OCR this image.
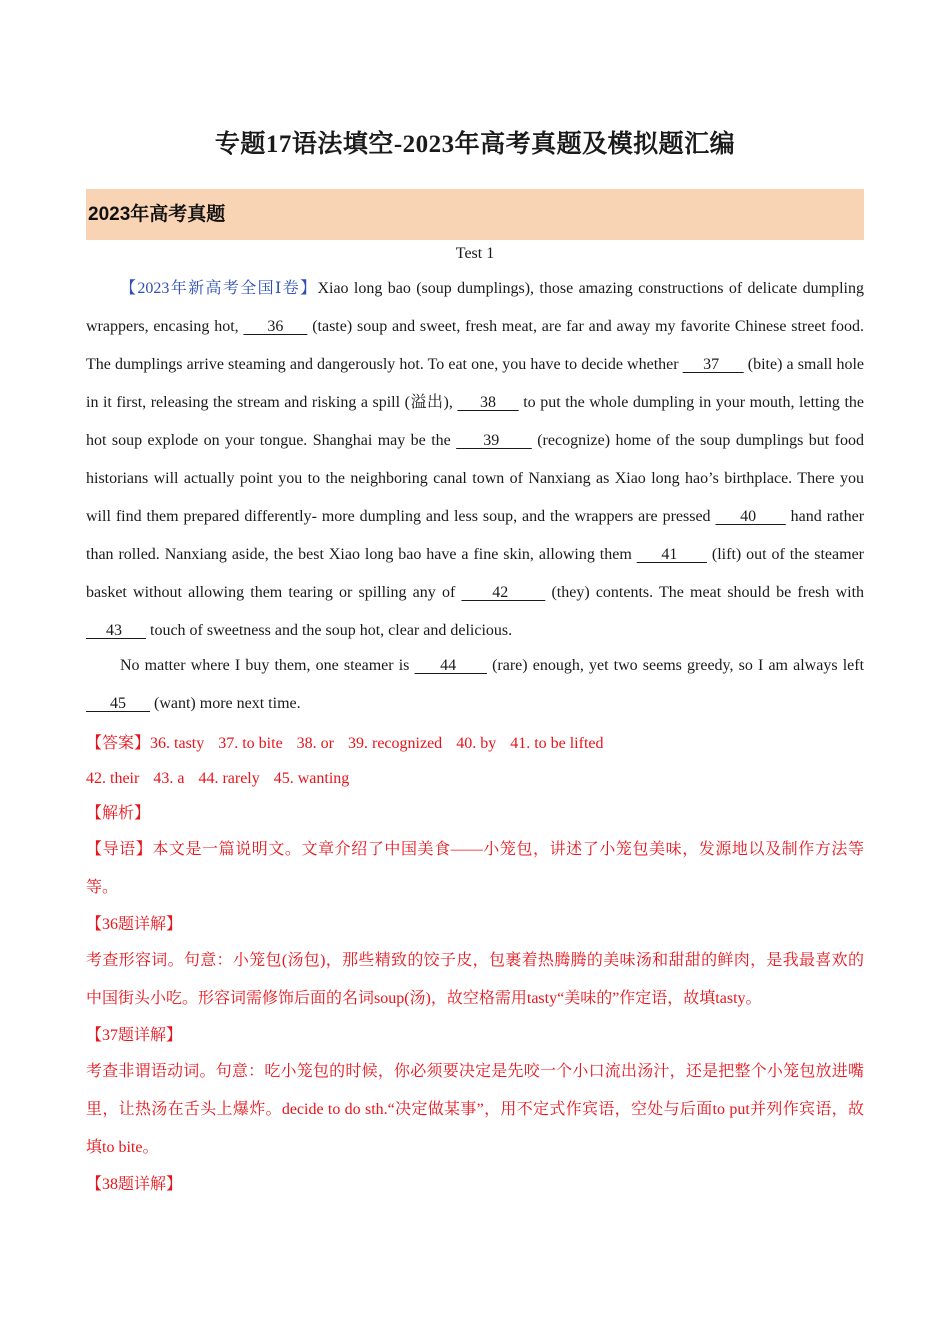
专题17语法填空-2023年高考真题及模拟题汇编
2023年高考真题
Test 1

【2023年新高考全国Ⅰ卷】Xiao long bao (soup dumplings), those amazing constructions of delicate dumpling wrappers, encasing hot,      36      (taste) soup and sweet, fresh meat, are far and away my favorite Chinese street food. The dumplings arrive steaming and dangerously hot. To eat one, you have to decide whether      37       (bite) a small hole in it first, releasing the stream and risking a spill (溢出),      38      to put the whole dumpling in your mouth, letting the hot soup explode on your tongue. Shanghai may be the      39       (recognize) home of the soup dumplings but food historians will actually point you to the neighboring canal town of Nanxiang as Xiao long hao’s birthplace. There you will find them prepared differently- more dumpling and less soup, and the wrappers are pressed      40       hand rather than rolled. Nanxiang aside, the best Xiao long bao have a fine skin, allowing them      41       (lift) out of the steamer basket without allowing them tearing or spilling any of      42       (they) contents. The meat should be fresh with      43       touch of sweetness and the soup hot, clear and delicious.

No matter where I buy them, one steamer is      44       (rare) enough, yet two seems greedy, so I am always left       45       (want) more next time.

【答案】36. tasty 37. to bite 38. or 39. recognized 40. by 41. to be lifted
42. their 43. a 44. rarely 45. wanting
【解析】
【导语】本文是一篇说明文。文章介绍了中国美食——小笼包，讲述了小笼包美味，发源地以及制作方法等等。
【36题详解】
考查形容词。句意：小笼包(汤包)，那些精致的饺子皮，包裹着热腾腾的美味汤和甜甜的鲜肉，是我最喜欢的中国街头小吃。形容词需修饰后面的名词soup(汤)，故空格需用tasty“美味的”作定语，故填tasty。
【37题详解】
考查非谓语动词。句意：吃小笼包的时候，你必须要决定是先咬一个小口流出汤汁，还是把整个小笼包放进嘴里，让热汤在舌头上爆炸。decide to do sth.“决定做某事”，用不定式作宾语，空处与后面to put并列作宾语，故填to bite。
【38题详解】
